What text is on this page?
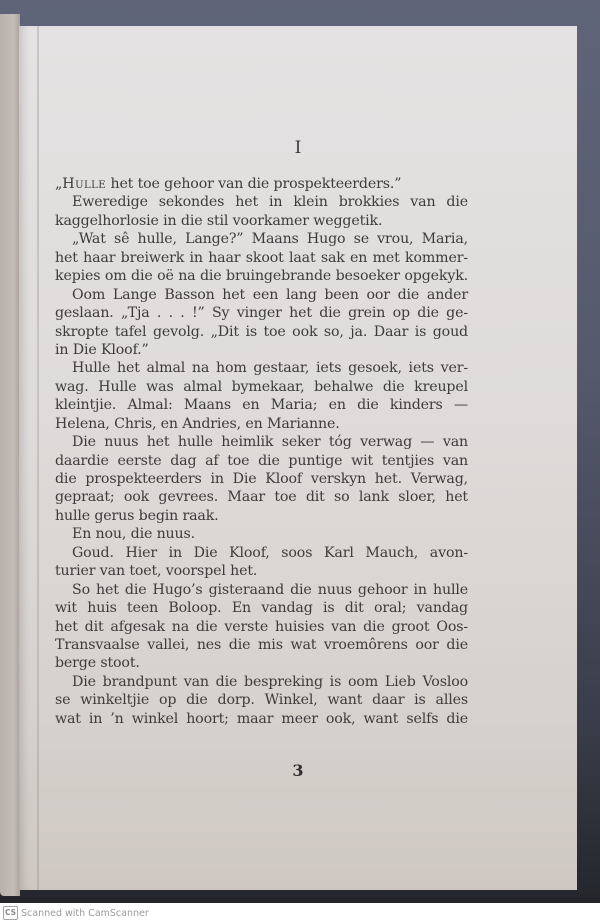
I
„Hulle het toe gehoor van die prospekteerders.”
Eweredige sekondes het in klein brokkies van die
kaggelhorlosie in die stil voorkamer weggetik.
„Wat sê hulle, Lange?” Maans Hugo se vrou, Maria,
het haar breiwerk in haar skoot laat sak en met kommer-
kepies om die oë na die bruingebrande besoeker opgekyk.
Oom Lange Basson het een lang been oor die ander
geslaan. „Tja . . . !” Sy vinger het die grein op die ge-
skropte tafel gevolg. „Dit is toe ook so, ja. Daar is goud
in Die Kloof.”
Hulle het almal na hom gestaar, iets gesoek, iets ver-
wag. Hulle was almal bymekaar, behalwe die kreupel
kleintjie. Almal: Maans en Maria; en die kinders —
Helena, Chris, en Andries, en Marianne.
Die nuus het hulle heimlik seker tóg verwag — van
daardie eerste dag af toe die puntige wit tentjies van
die prospekteerders in Die Kloof verskyn het. Verwag,
gepraat; ook gevrees. Maar toe dit so lank sloer, het
hulle gerus begin raak.
En nou, die nuus.
Goud. Hier in Die Kloof, soos Karl Mauch, avon-
turier van toet, voorspel het.
So het die Hugo’s gisteraand die nuus gehoor in hulle
wit huis teen Boloop. En vandag is dit oral; vandag
het dit afgesak na die verste huisies van die groot Oos-
Transvaalse vallei, nes die mis wat vroemôrens oor die
berge stoot.
Die brandpunt van die bespreking is oom Lieb Vosloo
se winkeltjie op die dorp. Winkel, want daar is alles
wat in ’n winkel hoort; maar meer ook, want selfs die
3
CS Scanned with CamScanner
